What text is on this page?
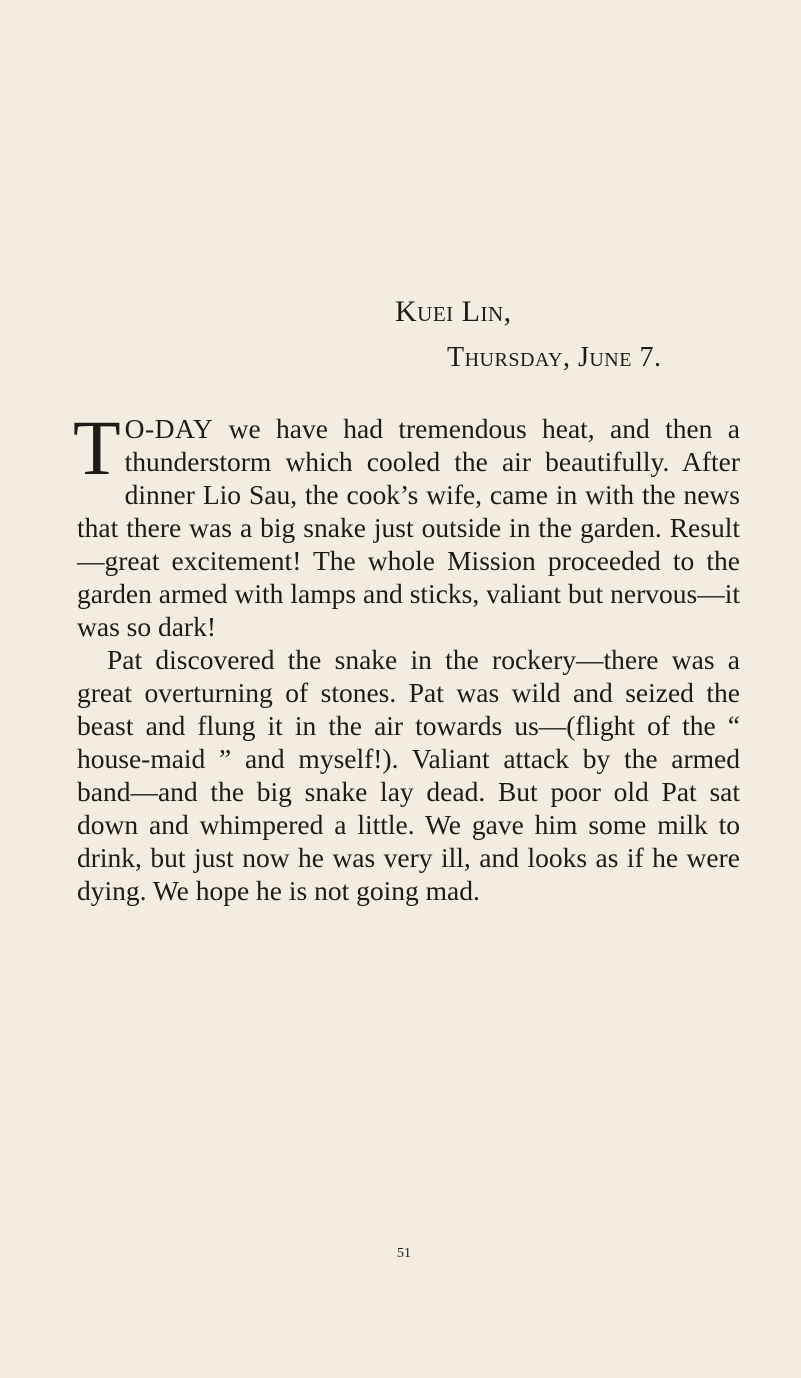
Kuei Lin,

Thursday, June 7.

T O-DAY we have had tremendous heat, and then a thunderstorm which cooled the air beautifully. After dinner Lio Sau, the cook’s wife, came in with the news that there was a big snake just outside in the garden. Result—great excitement! The whole Mission proceeded to the garden armed with lamps and sticks, valiant but nervous—it was so dark!

Pat discovered the snake in the rockery—there was a great overturning of stones. Pat was wild and seized the beast and flung it in the air towards us—(flight of the “ house-maid ” and myself!). Valiant attack by the armed band—and the big snake lay dead. But poor old Pat sat down and whimpered a little. We gave him some milk to drink, but just now he was very ill, and looks as if he were dying. We hope he is not going mad.

51
